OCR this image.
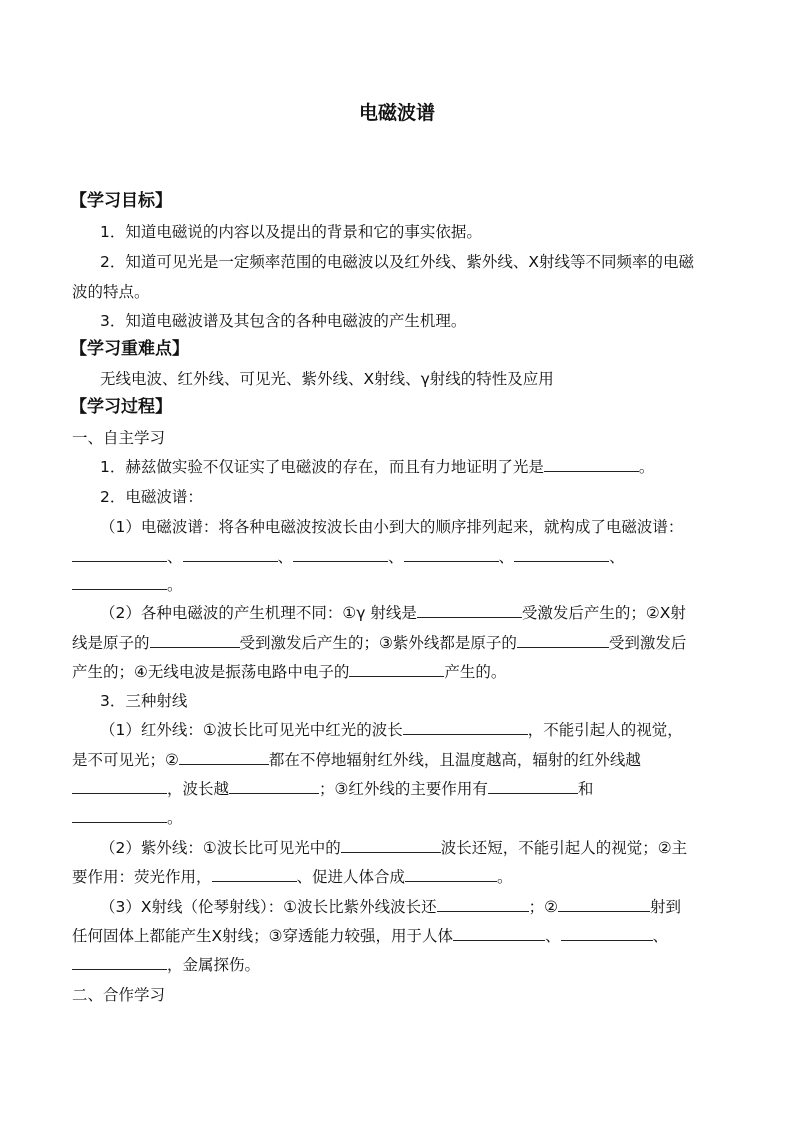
电磁波谱
【学习目标】
1．知道电磁说的内容以及提出的背景和它的事实依据。
2．知道可见光是一定频率范围的电磁波以及红外线、紫外线、X射线等不同频率的电磁
波的特点。
3．知道电磁波谱及其包含的各种电磁波的产生机理。
【学习重难点】
无线电波、红外线、可见光、紫外线、X射线、γ射线的特性及应用
【学习过程】
一、自主学习
1．赫兹做实验不仅证实了电磁波的存在，而且有力地证明了光是	。
2．电磁波谱：
（1）电磁波谱：将各种电磁波按波长由小到大的顺序排列起来，就构成了电磁波谱：
、	、	、	、	、
。
（2）各种电磁波的产生机理不同：①γ 射线是	受激发后产生的；②X射
线是原子的	受到激发后产生的；③紫外线都是原子的	受到激发后
产生的；④无线电波是振荡电路中电子的	产生的。
3．三种射线
（1）红外线：①波长比可见光中红光的波长	，不能引起人的视觉，
是不可见光；②	都在不停地辐射红外线，且温度越高，辐射的红外线越
，波长越	；③红外线的主要作用有	和
。
（2）紫外线：①波长比可见光中的	波长还短，不能引起人的视觉；②主
要作用：荧光作用，	、促进人体合成	。
（3）X射线（伦琴射线）：①波长比紫外线波长还	；②	射到
任何固体上都能产生X射线；③穿透能力较强，用于人体	、	、
，金属探伤。
二、合作学习
